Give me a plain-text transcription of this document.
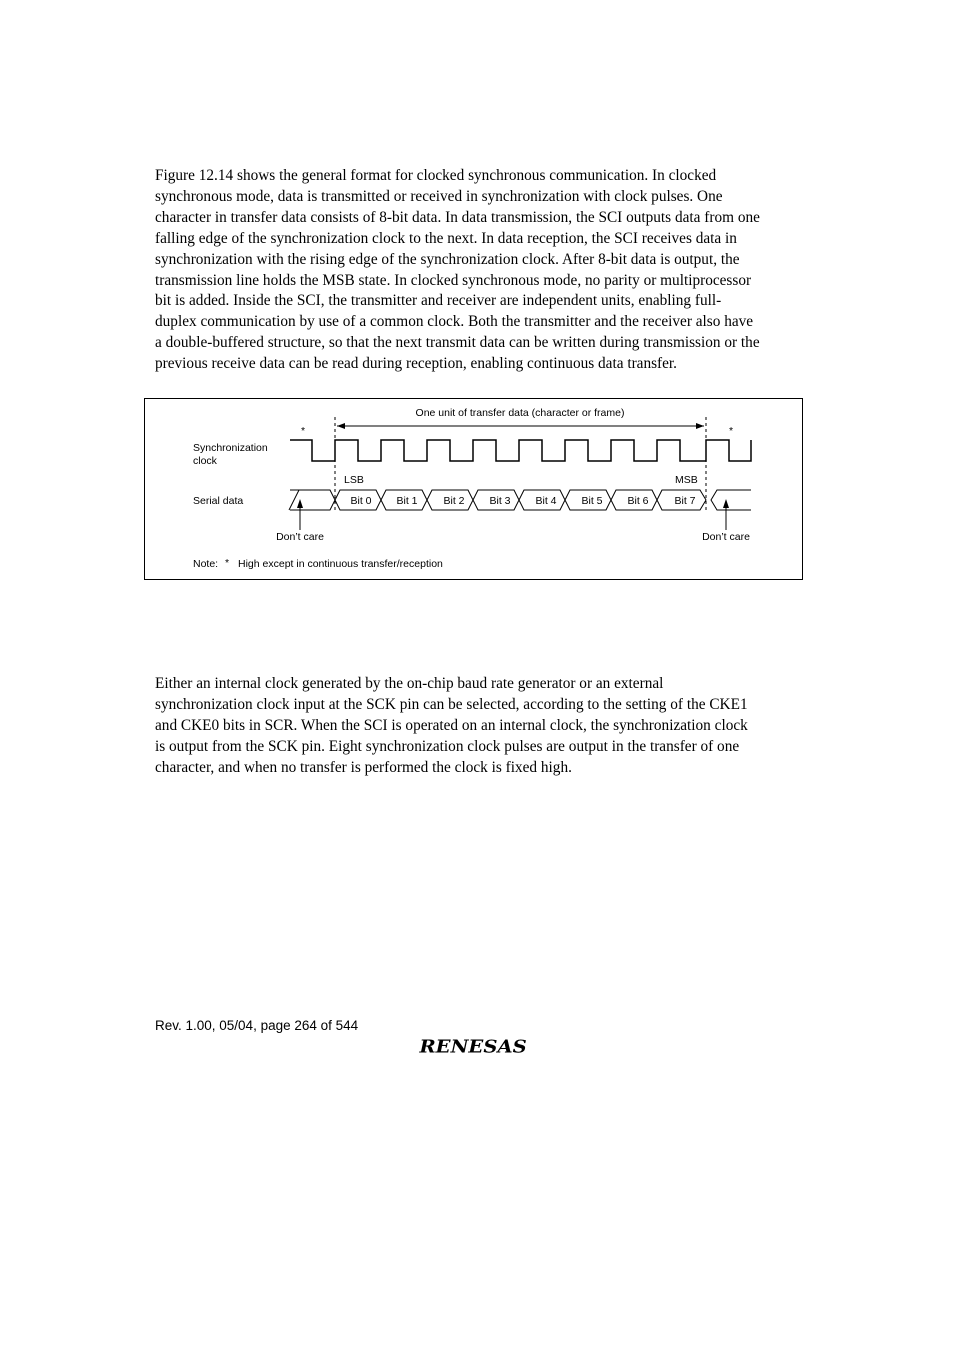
Figure 12.14 shows the general format for clocked synchronous communication. In clocked
synchronous mode, data is transmitted or received in synchronization with clock pulses. One
character in transfer data consists of 8-bit data. In data transmission, the SCI outputs data from one
falling edge of the synchronization clock to the next. In data reception, the SCI receives data in
synchronization with the rising edge of the synchronization clock. After 8-bit data is output, the
transmission line holds the MSB state. In clocked synchronous mode, no parity or multiprocessor
bit is added. Inside the SCI, the transmitter and receiver are independent units, enabling full-
duplex communication by use of a common clock. Both the transmitter and the receiver also have
a double-buffered structure, so that the next transmit data can be written during transmission or the
previous receive data can be read during reception, enabling continuous data transfer.

One unit of transfer data (character or frame)
*	*
Synchronization
clock
Serial data
LSB	MSB
Bit 0 Bit 1 Bit 2 Bit 3 Bit 4 Bit 5 Bit 6 Bit 7
Don’t care	Don’t care
Note: * High except in continuous transfer/reception

Either an internal clock generated by the on-chip baud rate generator or an external
synchronization clock input at the SCK pin can be selected, according to the setting of the CKE1
and CKE0 bits in SCR. When the SCI is operated on an internal clock, the synchronization clock
is output from the SCK pin. Eight synchronization clock pulses are output in the transfer of one
character, and when no transfer is performed the clock is fixed high.

Rev. 1.00, 05/04, page 264 of 544
RENESAS
